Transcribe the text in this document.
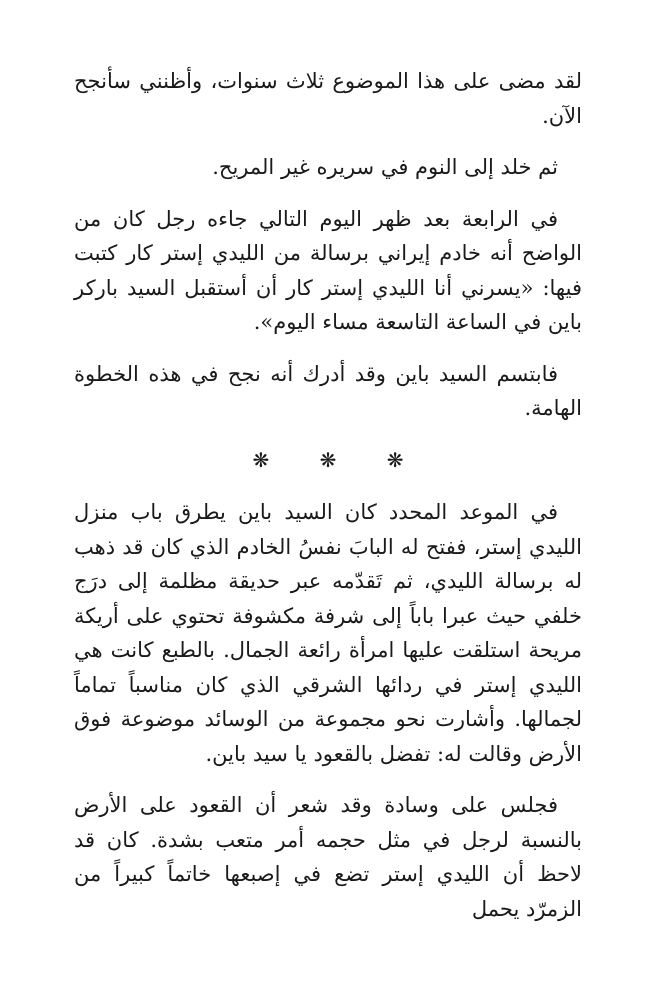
لقد مضى على هذا الموضوع ثلاث سنوات، وأظنني سأنجح الآن.

ثم خلد إلى النوم في سريره غير المريح.

في الرابعة بعد ظهر اليوم التالي جاءه رجل كان من الواضح أنه خادم إيراني برسالة من الليدي إستر كار كتبت فيها: «يسرني أنا الليدي إستر كار أن أستقبل السيد باركر باين في الساعة التاسعة مساء اليوم».

فابتسم السيد باين وقد أدرك أنه نجح في هذه الخطوة الهامة.

❋ ❋ ❋

في الموعد المحدد كان السيد باين يطرق باب منزل الليدي إستر، ففتح له البابَ نفسُ الخادم الذي كان قد ذهب له برسالة الليدي، ثم تَقدّمه عبر حديقة مظلمة إلى درَج خلفي حيث عبرا باباً إلى شرفة مكشوفة تحتوي على أريكة مريحة استلقت عليها امرأة رائعة الجمال. بالطبع كانت هي الليدي إستر في ردائها الشرقي الذي كان مناسباً تماماً لجمالها. وأشارت نحو مجموعة من الوسائد موضوعة فوق الأرض وقالت له: تفضل بالقعود يا سيد باين.

فجلس على وسادة وقد شعر أن القعود على الأرض بالنسبة لرجل في مثل حجمه أمر متعب بشدة. كان قد لاحظ أن الليدي إستر تضع في إصبعها خاتماً كبيراً من الزمرّد يحمل
